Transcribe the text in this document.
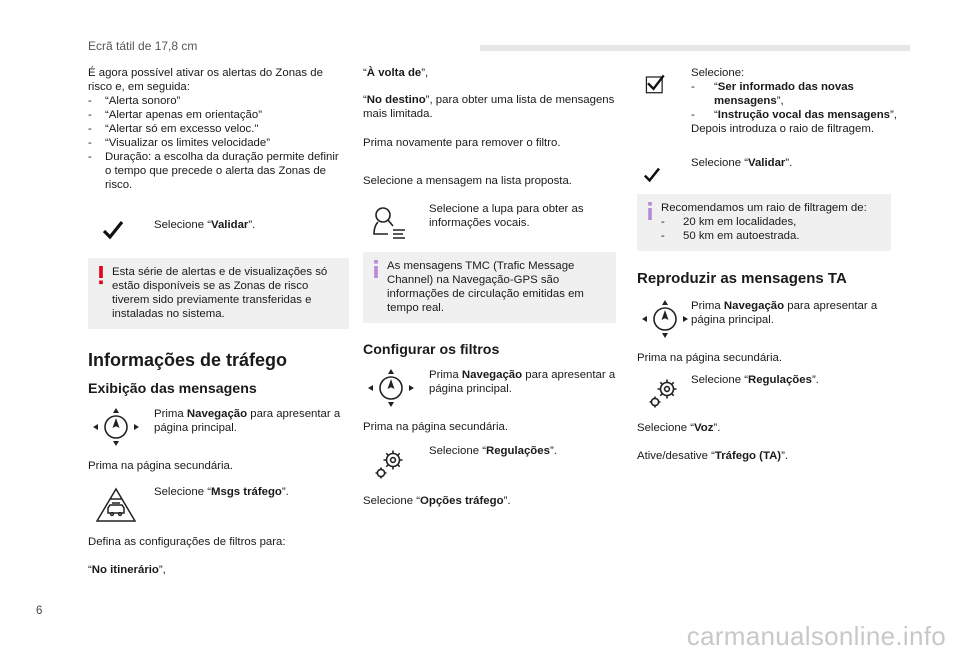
Ecrã tátil de 17,8 cm

É agora possível ativar os alertas do Zonas de risco e, em seguida:

- “Alerta sonoro”

- “Alertar apenas em orientação”

- “Alertar só em excesso veloc."

- “Visualizar os limites velocidade”

- Duração: a escolha da duração permite definir o tempo que precede o alerta das Zonas de risco.

Selecione “Validar”.

Esta série de alertas e de visualizações só estão disponíveis se as Zonas de risco tiverem sido previamente transferidas e instaladas no sistema.

Informações de tráfego
Exibição das mensagens

Prima Navegação para apresentar a página principal.

Prima na página secundária.

Selecione “Msgs tráfego”.

Defina as configurações de filtros para:

“No itinerário”,

“À volta de”,

“No destino”, para obter uma lista de mensagens mais limitada.

Prima novamente para remover o filtro.

Selecione a mensagem na lista proposta.

Selecione a lupa para obter as informações vocais.

As mensagens TMC (Trafic Message Channel) na Navegação-GPS são informações de circulação emitidas em tempo real.

Configurar os filtros

Prima Navegação para apresentar a página principal.

Prima na página secundária.

Selecione “Regulações”.

Selecione “Opções tráfego”.

Selecione:

- “Ser informado das novas mensagens”,

- “Instrução vocal das mensagens”,

Depois introduza o raio de filtragem.

Selecione “Validar”.

Recomendamos um raio de filtragem de:

- 20 km em localidades,

- 50 km em autoestrada.

Reproduzir as mensagens TA

Prima Navegação para apresentar a página principal.

Prima na página secundária.

Selecione “Regulações”.

Selecione “Voz”.

Ative/desative “Tráfego (TA)”.

6
carmanualsonline.info
